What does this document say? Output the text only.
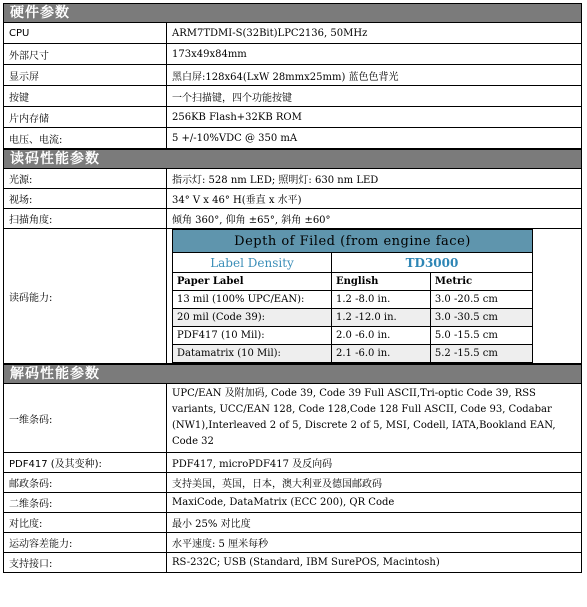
硬件参数
CPU	ARM7TDMI-S(32Bit)LPC2136, 50MHz
外部尺寸	173x49x84mm
显示屏	黑白屏:128x64(LxW 28mmx25mm) 蓝色色背光
按键	一个扫描键，四个功能按键
片内存储	256KB Flash+32KB ROM
电压、电流:	5 +/-10%VDC @ 350 mA
读码性能参数
光源:	指示灯: 528 nm LED; 照明灯: 630 nm LED
视场:	34° V x 46° H(垂直 x 水平)
扫描角度:	倾角 360°, 仰角 ±65°, 斜角 ±60°
读码能力:	
Depth of Filed (from engine face)
Label Density	TD3000
Paper Label	English	Metric
13 mil (100% UPC/EAN):	1.2 -8.0 in.	3.0 -20.5 cm
20 mil (Code 39):	1.2 -12.0 in.	3.0 -30.5 cm
PDF417 (10 Mil):	2.0 -6.0 in.	5.0 -15.5 cm
Datamatrix (10 Mil):	2.1 -6.0 in.	5.2 -15.5 cm
解码性能参数
一维条码:	UPC/EAN 及附加码, Code 39, Code 39 Full ASCII,Tri-optic Code 39, RSS variants, UCC/EAN 128, Code 128,Code 128 Full ASCII, Code 93, Codabar (NW1),Interleaved 2 of 5, Discrete 2 of 5, MSI, Codell, IATA,Bookland EAN, Code 32
PDF417 (及其变种):	PDF417, microPDF417 及反向码
邮政条码:	支持美国，英国，日本，澳大利亚及德国邮政码
二维条码:	MaxiCode, DataMatrix (ECC 200), QR Code
对比度:	最小 25% 对比度
运动容差能力:	水平速度: 5 厘米每秒
支持接口:	RS-232C; USB (Standard, IBM SurePOS, Macintosh)
